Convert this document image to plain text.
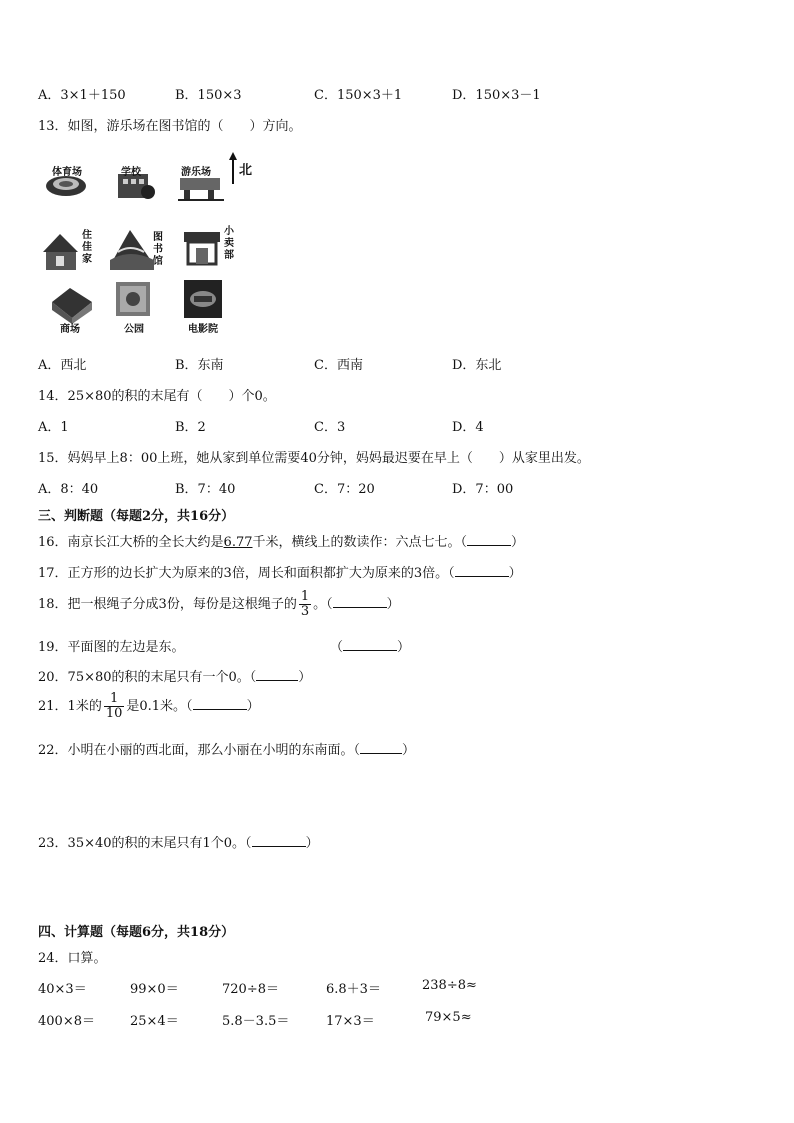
A．3×1＋150	B．150×3	C．150×3＋1	D．150×3－1
13．如图，游乐场在图书馆的（　　）方向。
体育场	学校	游乐场 北
住
佳
家
图
书
馆
小
卖
部
商场	公园	电影院
A．西北	B．东南	C．西南	D．东北
14．25×80的积的末尾有（　　）个0。
A．1	B．2	C．3	D．4
15．妈妈早上8：00上班，她从家到单位需要40分钟，妈妈最迟要在早上（　　）从家里出发。
A．8：40	B．7：40	C．7：20	D．7：00
三、判断题（每题2分，共16分）
16．南京长江大桥的全长大约是6.77千米，横线上的数读作：六点七七。（	）
17．正方形的边长扩大为原来的3倍，周长和面积都扩大为原来的3倍。（	）
18．把一根绳子分成3份，每份是这根绳子的 $\frac{1}{3}$ 。（	）
19．平面图的左边是东。	（	）
20．75×80的积的末尾只有一个0。（	）
21．1米的 $\frac{1}{10}$ 是0.1米。（	）
22．小明在小丽的西北面，那么小丽在小明的东南面。（	）
23．35×40的积的末尾只有1个0。（	）
四、计算题（每题6分，共18分）
24．口算。
40×3＝	99×0＝	720÷8＝	6.8＋3＝	238÷8≈
400×8＝	25×4＝	5.8－3.5＝	17×3＝	79×5≈
